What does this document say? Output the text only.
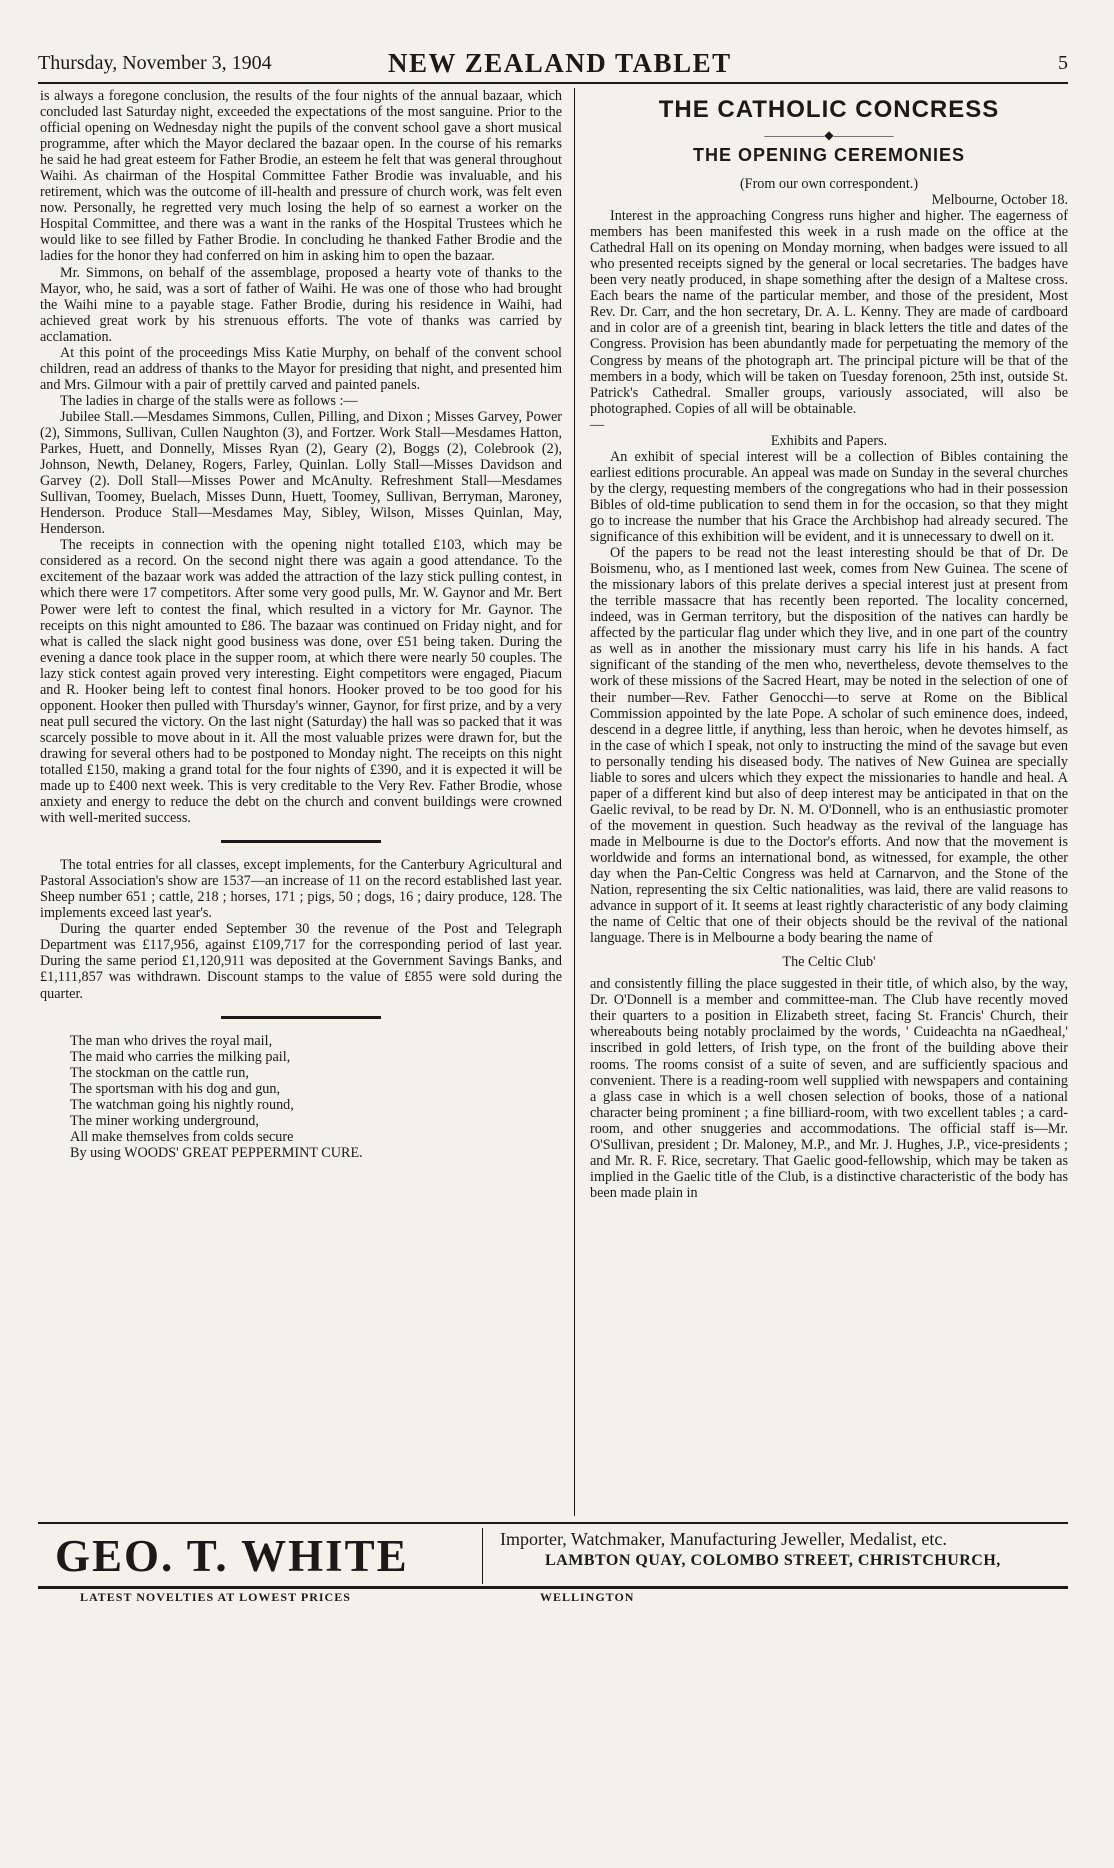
Thursday, November 3, 1904	NEW ZEALAND TABLET	5

is always a foregone conclusion, the results of the four nights of the annual bazaar, which concluded last Saturday night, exceeded the expectations of the most sanguine. Prior to the official opening on Wednesday night the pupils of the convent school gave a short musical programme, after which the Mayor declared the bazaar open. In the course of his remarks he said he had great esteem for Father Brodie, an esteem he felt that was general throughout Waihi. As chairman of the Hospital Committee Father Brodie was invaluable, and his retirement, which was the outcome of ill-health and pressure of church work, was felt even now. Personally, he regretted very much losing the help of so earnest a worker on the Hospital Committee, and there was a want in the ranks of the Hospital Trustees which he would like to see filled by Father Brodie. In concluding he thanked Father Brodie and the ladies for the honor they had conferred on him in asking him to open the bazaar.

Mr. Simmons, on behalf of the assemblage, proposed a hearty vote of thanks to the Mayor, who, he said, was a sort of father of Waihi. He was one of those who had brought the Waihi mine to a payable stage. Father Brodie, during his residence in Waihi, had achieved great work by his strenuous efforts. The vote of thanks was carried by acclamation.

At this point of the proceedings Miss Katie Murphy, on behalf of the convent school children, read an address of thanks to the Mayor for presiding that night, and presented him and Mrs. Gilmour with a pair of prettily carved and painted panels.

The ladies in charge of the stalls were as follows :—

Jubilee Stall.—Mesdames Simmons, Cullen, Pilling, and Dixon ; Misses Garvey, Power (2), Simmons, Sullivan, Cullen Naughton (3), and Fortzer. Work Stall—Mesdames Hatton, Parkes, Huett, and Donnelly, Misses Ryan (2), Geary (2), Boggs (2), Colebrook (2), Johnson, Newth, Delaney, Rogers, Farley, Quinlan. Lolly Stall—Misses Davidson and Garvey (2). Doll Stall—Misses Power and McAnulty. Refreshment Stall—Mesdames Sullivan, Toomey, Buelach, Misses Dunn, Huett, Toomey, Sullivan, Berryman, Maroney, Henderson. Produce Stall—Mesdames May, Sibley, Wilson, Misses Quinlan, May, Henderson.

The receipts in connection with the opening night totalled £103, which may be considered as a record. On the second night there was again a good attendance. To the excitement of the bazaar work was added the attraction of the lazy stick pulling contest, in which there were 17 competitors. After some very good pulls, Mr. W. Gaynor and Mr. Bert Power were left to contest the final, which resulted in a victory for Mr. Gaynor. The receipts on this night amounted to £86. The bazaar was continued on Friday night, and for what is called the slack night good business was done, over £51 being taken. During the evening a dance took place in the supper room, at which there were nearly 50 couples. The lazy stick contest again proved very interesting. Eight competitors were engaged, Piacum and R. Hooker being left to contest final honors. Hooker proved to be too good for his opponent. Hooker then pulled with Thursday's winner, Gaynor, for first prize, and by a very neat pull secured the victory. On the last night (Saturday) the hall was so packed that it was scarcely possible to move about in it. All the most valuable prizes were drawn for, but the drawing for several others had to be postponed to Monday night. The receipts on this night totalled £150, making a grand total for the four nights of £390, and it is expected it will be made up to £400 next week. This is very creditable to the Very Rev. Father Brodie, whose anxiety and energy to reduce the debt on the church and convent buildings were crowned with well-merited success.

The total entries for all classes, except implements, for the Canterbury Agricultural and Pastoral Association's show are 1537—an increase of 11 on the record established last year. Sheep number 651 ; cattle, 218 ; horses, 171 ; pigs, 50 ; dogs, 16 ; dairy produce, 128. The implements exceed last year's.

During the quarter ended September 30 the revenue of the Post and Telegraph Department was £117,956, against £109,717 for the corresponding period of last year. During the same period £1,120,911 was deposited at the Government Savings Banks, and £1,111,857 was withdrawn. Discount stamps to the value of £855 were sold during the quarter.

The man who drives the royal mail,
The maid who carries the milking pail,
The stockman on the cattle run,
The sportsman with his dog and gun,
The watchman going his nightly round,
The miner working underground,
All make themselves from colds secure
By using WOODS' GREAT PEPPERMINT CURE.
THE CATHOLIC CONCRESS
—————◆—————
THE OPENING CEREMONIES

(From our own correspondent.)

Melbourne, October 18.

Interest in the approaching Congress runs higher and higher. The eagerness of members has been manifested this week in a rush made on the office at the Cathedral Hall on its opening on Monday morning, when badges were issued to all who presented receipts signed by the general or local secretaries. The badges have been very neatly produced, in shape something after the design of a Maltese cross. Each bears the name of the particular member, and those of the president, Most Rev. Dr. Carr, and the hon secretary, Dr. A. L. Kenny. They are made of cardboard and in color are of a greenish tint, bearing in black letters the title and dates of the Congress. Provision has been abundantly made for perpetuating the memory of the Congress by means of the photograph art. The principal picture will be that of the members in a body, which will be taken on Tuesday forenoon, 25th inst, outside St. Patrick's Cathedral. Smaller groups, variously associated, will also be photographed. Copies of all will be obtainable.

—

Exhibits and Papers.

An exhibit of special interest will be a collection of Bibles containing the earliest editions procurable. An appeal was made on Sunday in the several churches by the clergy, requesting members of the congregations who had in their possession Bibles of old-time publication to send them in for the occasion, so that they might go to increase the number that his Grace the Archbishop had already secured. The significance of this exhibition will be evident, and it is unnecessary to dwell on it.

Of the papers to be read not the least interesting should be that of Dr. De Boismenu, who, as I mentioned last week, comes from New Guinea. The scene of the missionary labors of this prelate derives a special interest just at present from the terrible massacre that has recently been reported. The locality concerned, indeed, was in German territory, but the disposition of the natives can hardly be affected by the particular flag under which they live, and in one part of the country as well as in another the missionary must carry his life in his hands. A fact significant of the standing of the men who, nevertheless, devote themselves to the work of these missions of the Sacred Heart, may be noted in the selection of one of their number—Rev. Father Genocchi—to serve at Rome on the Biblical Commission appointed by the late Pope. A scholar of such eminence does, indeed, descend in a degree little, if anything, less than heroic, when he devotes himself, as in the case of which I speak, not only to instructing the mind of the savage but even to personally tending his diseased body. The natives of New Guinea are specially liable to sores and ulcers which they expect the missionaries to handle and heal. A paper of a different kind but also of deep interest may be anticipated in that on the Gaelic revival, to be read by Dr. N. M. O'Donnell, who is an enthusiastic promoter of the movement in question. Such headway as the revival of the language has made in Melbourne is due to the Doctor's efforts. And now that the movement is worldwide and forms an international bond, as witnessed, for example, the other day when the Pan-Celtic Congress was held at Carnarvon, and the Stone of the Nation, representing the six Celtic nationalities, was laid, there are valid reasons to advance in support of it. It seems at least rightly characteristic of any body claiming the name of Celtic that one of their objects should be the revival of the national language. There is in Melbourne a body bearing the name of

The Celtic Club'

and consistently filling the place suggested in their title, of which also, by the way, Dr. O'Donnell is a member and committee-man. The Club have recently moved their quarters to a position in Elizabeth street, facing St. Francis' Church, their whereabouts being notably proclaimed by the words, ' Cuideachta na nGaedheal,' inscribed in gold letters, of Irish type, on the front of the building above their rooms. The rooms consist of a suite of seven, and are sufficiently spacious and convenient. There is a reading-room well supplied with newspapers and containing a glass case in which is a well chosen selection of books, those of a national character being prominent ; a fine billiard-room, with two excellent tables ; a card-room, and other snuggeries and accommodations. The official staff is—Mr. O'Sullivan, president ; Dr. Maloney, M.P., and Mr. J. Hughes, J.P., vice-presidents ; and Mr. R. F. Rice, secretary. That Gaelic good-fellowship, which may be taken as implied in the Gaelic title of the Club, is a distinctive characteristic of the body has been made plain in

GEO. T. WHITE	Importer, Watchmaker, Manufacturing Jeweller, Medalist, etc.
LAMBTON QUAY, COLOMBO STREET, CHRISTCHURCH,
LATEST NOVELTIES AT LOWEST PRICES	WELLINGTON
